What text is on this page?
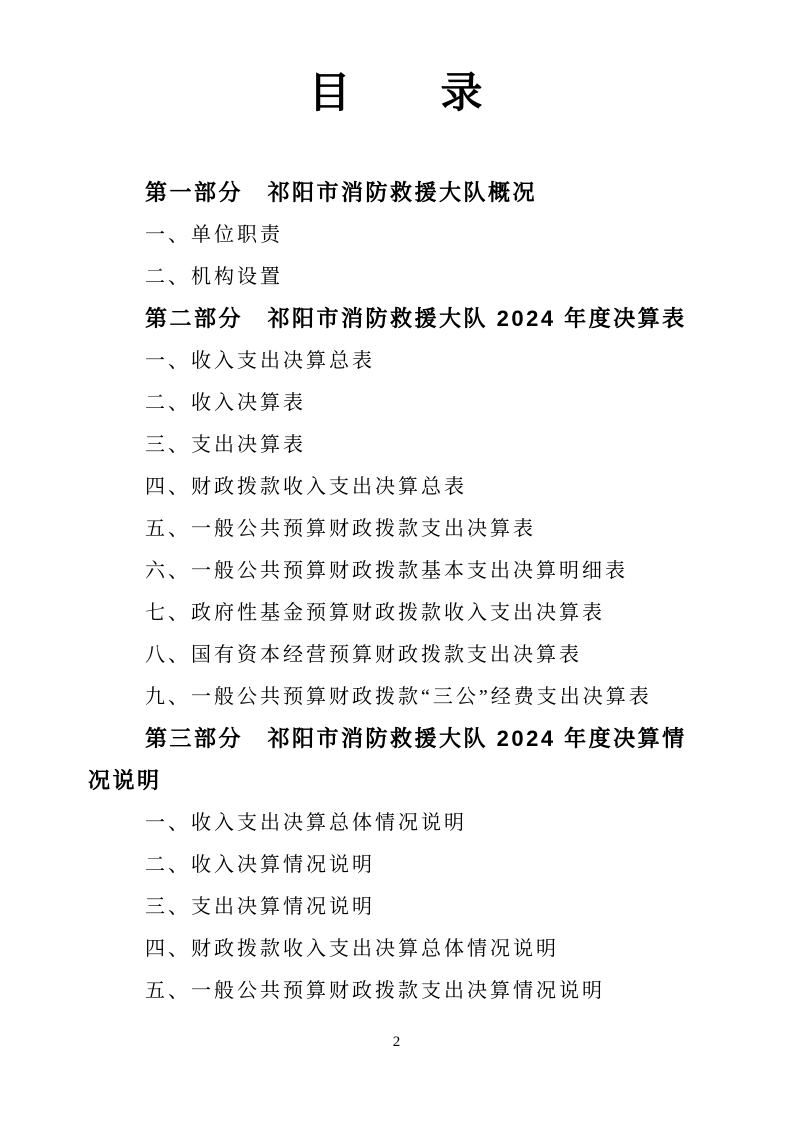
目　　录
第一部分　祁阳市消防救援大队概况
一、单位职责
二、机构设置
第二部分　祁阳市消防救援大队 2024 年度决算表
一、收入支出决算总表
二、收入决算表
三、支出决算表
四、财政拨款收入支出决算总表
五、一般公共预算财政拨款支出决算表
六、一般公共预算财政拨款基本支出决算明细表
七、政府性基金预算财政拨款收入支出决算表
八、国有资本经营预算财政拨款支出决算表
九、一般公共预算财政拨款“三公”经费支出决算表
第三部分　祁阳市消防救援大队 2024 年度决算情况说明
一、收入支出决算总体情况说明
二、收入决算情况说明
三、支出决算情况说明
四、财政拨款收入支出决算总体情况说明
五、一般公共预算财政拨款支出决算情况说明
2
